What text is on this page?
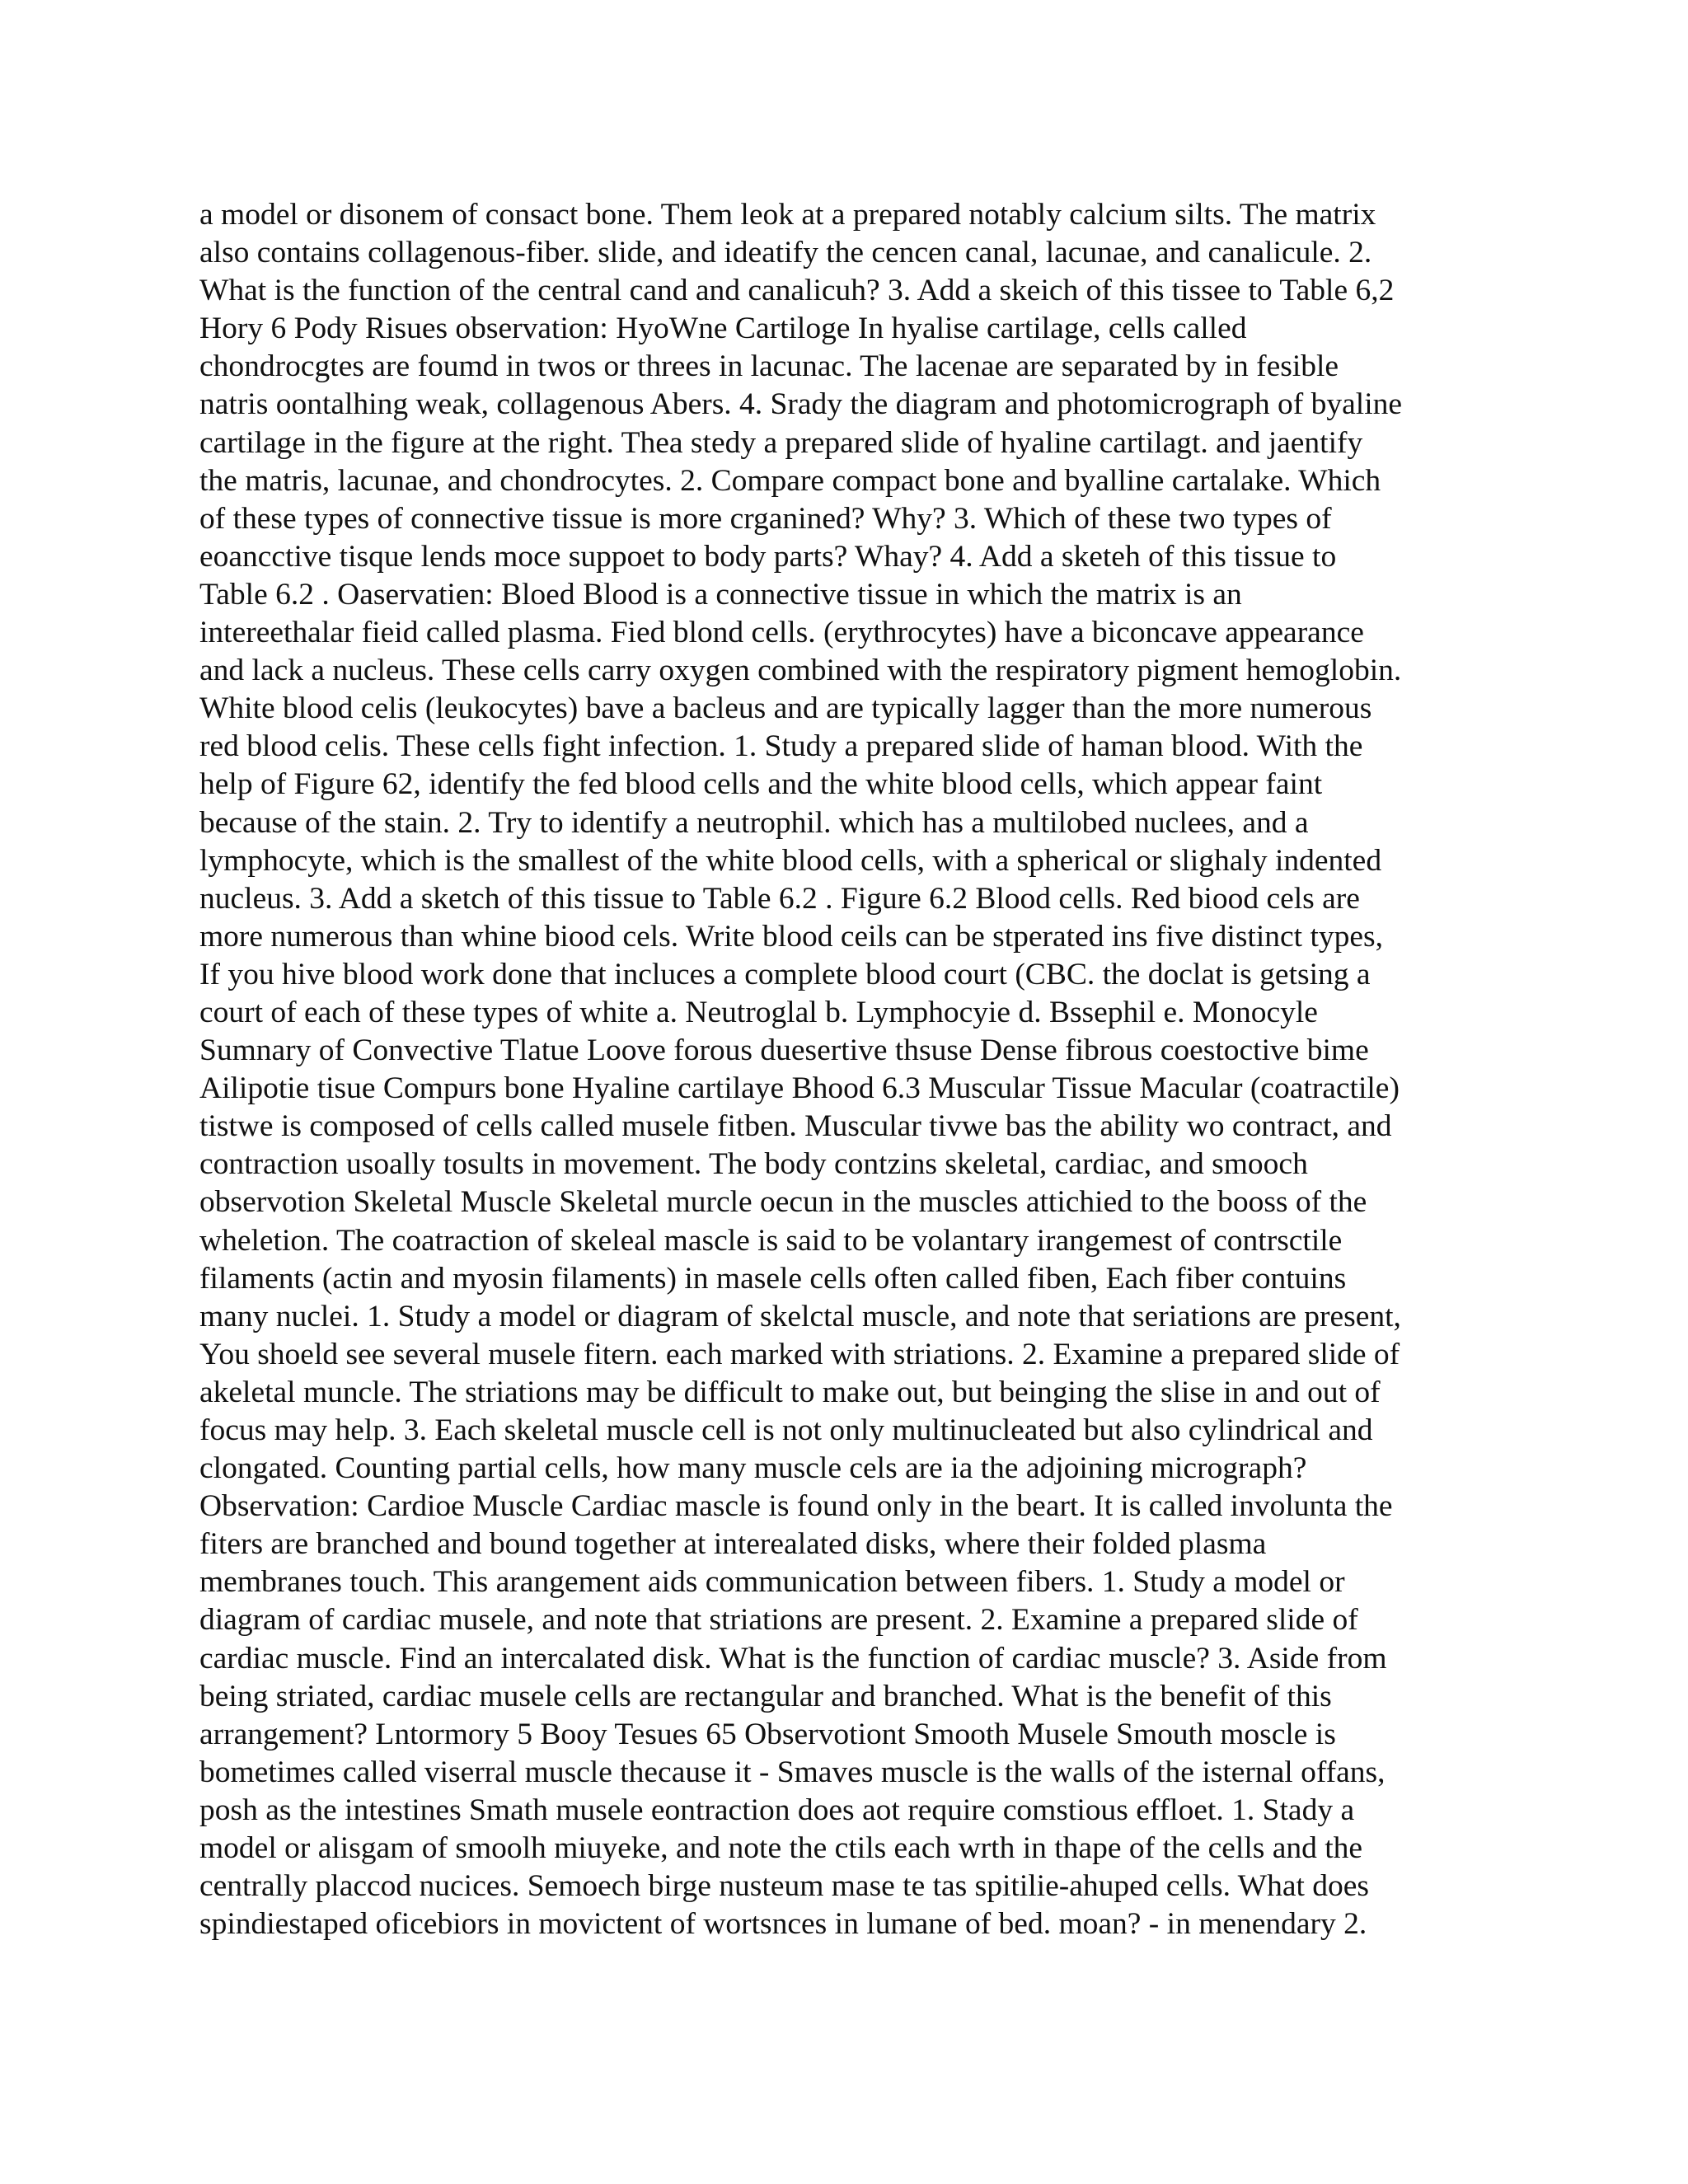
a model or disonem of consact bone. Them leok at a prepared notably calcium silts. The matrix
also contains collagenous-fiber. slide, and ideatify the cencen canal, lacunae, and canalicule. 2.
What is the function of the central cand and canalicuh? 3. Add a skeich of this tissee to Table 6,2
Hory 6 Pody Risues observation: HyoWne Cartiloge In hyalise cartilage, cells called
chondrocgtes are foumd in twos or threes in lacunac. The lacenae are separated by in fesible
natris oontalhing weak, collagenous Abers. 4. Srady the diagram and photomicrograph of byaline
cartilage in the figure at the right. Thea stedy a prepared slide of hyaline cartilagt. and jaentify
the matris, lacunae, and chondrocytes. 2. Compare compact bone and byalline cartalake. Which
of these types of connective tissue is more crganined? Why? 3. Which of these two types of
eoancctive tisque lends moce suppoet to body parts? Whay? 4. Add a sketeh of this tissue to
Table 6.2 . Oaservatien: Bloed Blood is a connective tissue in which the matrix is an
intereethalar fieid called plasma. Fied blond cells. (erythrocytes) have a biconcave appearance
and lack a nucleus. These cells carry oxygen combined with the respiratory pigment hemoglobin.
White blood celis (leukocytes) bave a bacleus and are typically lagger than the more numerous
red blood celis. These cells fight infection. 1. Study a prepared slide of haman blood. With the
help of Figure 62, identify the fed blood cells and the white blood cells, which appear faint
because of the stain. 2. Try to identify a neutrophil. which has a multilobed nuclees, and a
lymphocyte, which is the smallest of the white blood cells, with a spherical or slighaly indented
nucleus. 3. Add a sketch of this tissue to Table 6.2 . Figure 6.2 Blood cells. Red biood cels are
more numerous than whine biood cels. Write blood ceils can be stperated ins five distinct types,
If you hive blood work done that incluces a complete blood court (CBC. the doclat is getsing a
court of each of these types of white a. Neutroglal b. Lymphocyie d. Bssephil e. Monocyle
Sumnary of Convective Tlatue Loove forous duesertive thsuse Dense fibrous coestoctive bime
Ailipotie tisue Compurs bone Hyaline cartilaye Bhood 6.3 Muscular Tissue Macular (coatractile)
tistwe is composed of cells called musele fitben. Muscular tivwe bas the ability wo contract, and
contraction usoally tosults in movement. The body contzins skeletal, cardiac, and smooch
observotion Skeletal Muscle Skeletal murcle oecun in the muscles attichied to the booss of the
wheletion. The coatraction of skeleal mascle is said to be volantary irangemest of contrsctile
filaments (actin and myosin filaments) in masele cells often called fiben, Each fiber contuins
many nuclei. 1. Study a model or diagram of skelctal muscle, and note that seriations are present,
You shoeld see several musele fitern. each marked with striations. 2. Examine a prepared slide of
akeletal muncle. The striations may be difficult to make out, but beinging the slise in and out of
focus may help. 3. Each skeletal muscle cell is not only multinucleated but also cylindrical and
clongated. Counting partial cells, how many muscle cels are ia the adjoining micrograph?
Observation: Cardioe Muscle Cardiac mascle is found only in the beart. It is called involunta the
fiters are branched and bound together at interealated disks, where their folded plasma
membranes touch. This arangement aids communication between fibers. 1. Study a model or
diagram of cardiac musele, and note that striations are present. 2. Examine a prepared slide of
cardiac muscle. Find an intercalated disk. What is the function of cardiac muscle? 3. Aside from
being striated, cardiac musele cells are rectangular and branched. What is the benefit of this
arrangement? Lntormory 5 Booy Tesues 65 Observotiont Smooth Musele Smouth moscle is
bometimes called viserral muscle thecause it - Smaves muscle is the walls of the isternal offans,
posh as the intestines Smath musele eontraction does aot require comstious effloet. 1. Stady a
model or alisgam of smoolh miuyeke, and note the ctils each wrth in thape of the cells and the
centrally placcod nucices. Semoech birge nusteum mase te tas spitilie-ahuped cells. What does
spindiestaped oficebiors in movictent of wortsnces in lumane of bed. moan? - in menendary 2.
